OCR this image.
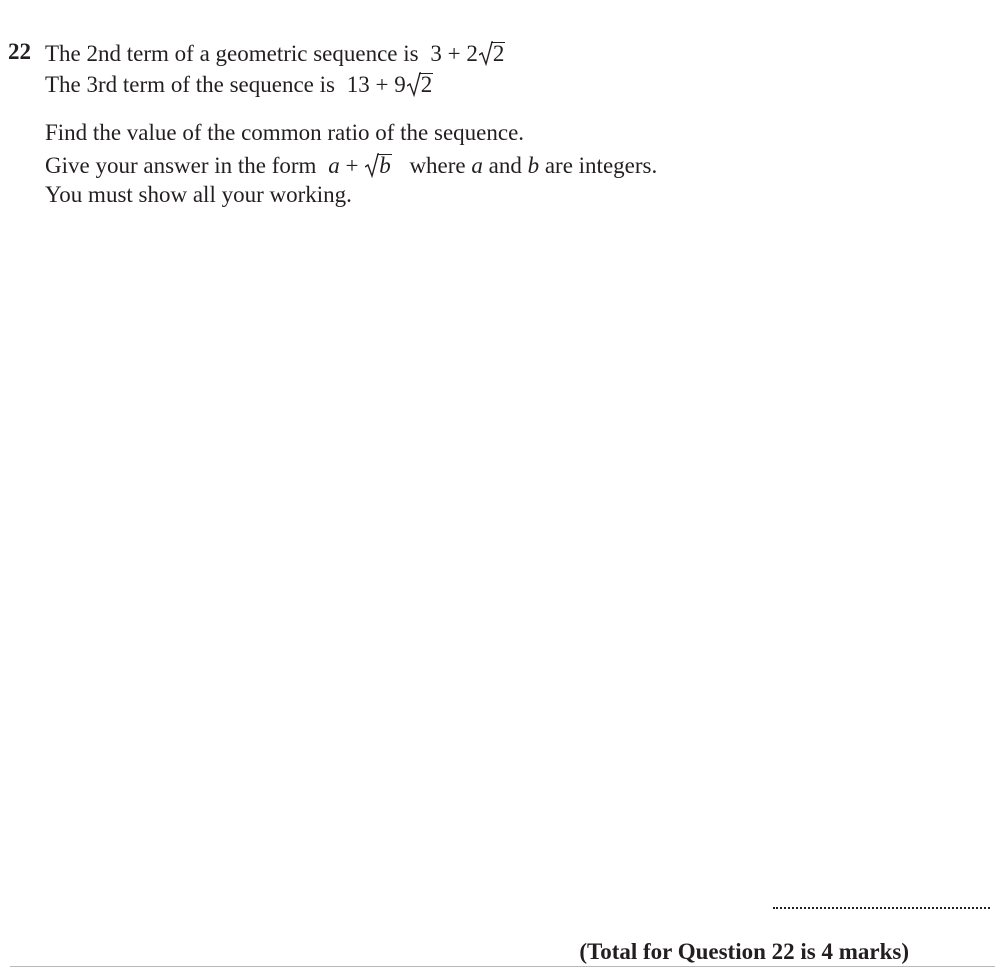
22 The 2nd term of a geometric sequence is 3 + 2 2
The 3rd term of the sequence is 13 + 9 2
Find the value of the common ratio of the sequence.
Give your answer in the form a + b where a and b are integers.
You must show all your working.
(Total for Question 22 is 4 marks)
